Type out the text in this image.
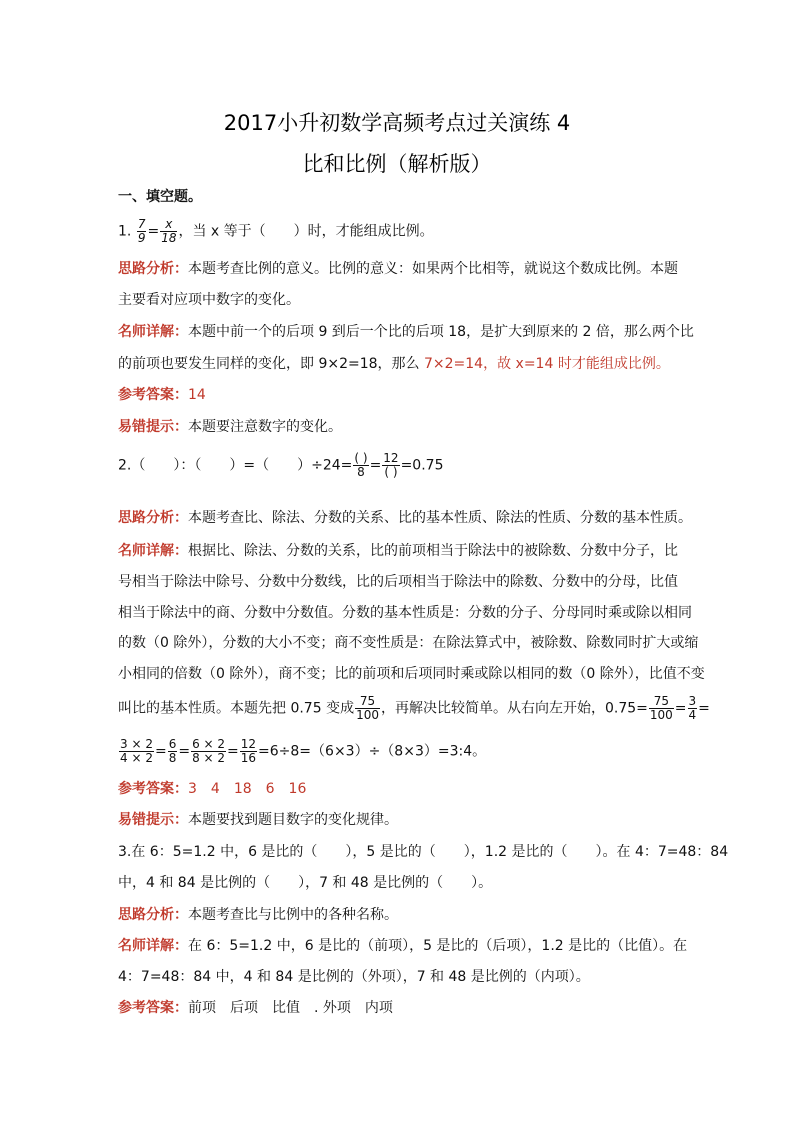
2017小升初数学高频考点过关演练 4
比和比例（解析版）
一、填空题。
1. $\frac{7}{9} = \frac{x}{18}$ ，当 x 等于（　　）时，才能组成比例。
思路分析：本题考查比例的意义。比例的意义：如果两个比相等，就说这个数成比例。本题
主要看对应项中数字的变化。
名师详解：本题中前一个的后项 9 到后一个比的后项 18，是扩大到原来的 2 倍，那么两个比
的前项也要发生同样的变化，即 9×2=18，那么 7×2=14，故 x=14 时才能组成比例。
参考答案：14
易错提示：本题要注意数字的变化。
2.（　　）：（　　）=（　　）$\div 24= \frac{( )}{8} = \frac{12}{( )} =0.75$
思路分析：本题考查比、除法、分数的关系、比的基本性质、除法的性质、分数的基本性质。
名师详解：根据比、除法、分数的关系，比的前项相当于除法中的被除数、分数中分子，比
号相当于除法中除号、分数中分数线，比的后项相当于除法中的除数、分数中的分母，比值
相当于除法中的商、分数中分数值。分数的基本性质是：分数的分子、分母同时乘或除以相同
的数（0 除外），分数的大小不变；商不变性质是：在除法算式中，被除数、除数同时扩大或缩
小相同的倍数（0 除外），商不变；比的前项和后项同时乘或除以相同的数（0 除外），比值不变
叫比的基本性质。本题先把 0.75 变成 $\frac{75}{100}$ ，再解决比较简单。从右向左开始，$0.75= \frac{75}{100} = \frac{3}{4}$ =
$\frac{3 \times 2}{4 \times 2} = \frac{6}{8} = \frac{6 \times 2}{8 \times 2} = \frac{12}{16}$ =6÷8=（6×3）÷（8×3）=3:4。
参考答案：3　4　18　6　16
易错提示：本题要找到题目数字的变化规律。
3.在 6：5=1.2 中，6 是比的（　　），5 是比的（　　），1.2 是比的（　　）。在 4：7=48：84
中，4 和 84 是比例的（　　），7 和 48 是比例的（　　）。
思路分析：本题考查比与比例中的各种名称。
名师详解：在 6：5=1.2 中，6 是比的（前项），5 是比的（后项），1.2 是比的（比值）。在
4：7=48：84 中，4 和 84 是比例的（外项），7 和 48 是比例的（内项）。
参考答案：前项　后项　比值　. 外项　内项
